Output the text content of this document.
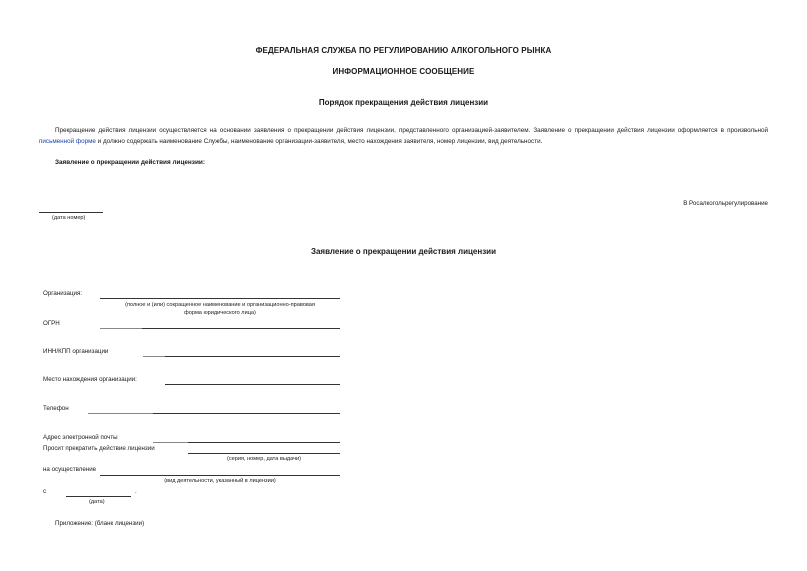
ФЕДЕРАЛЬНАЯ СЛУЖБА ПО РЕГУЛИРОВАНИЮ АЛКОГОЛЬНОГО РЫНКА
ИНФОРМАЦИОННОЕ СООБЩЕНИЕ
Порядок прекращения действия лицензии
Прекращение действия лицензии осуществляется на основании заявления о прекращении действия лицензии, представленного организацией-заявителем. Заявление о прекращении действия лицензии оформляется в произвольной письменной форме и должно содержать наименование Службы, наименование организации-заявителя, место нахождения заявителя, номер лицензии, вид деятельности.
Заявление о прекращении действия лицензии:
В Росалкогольрегулирование
(дата номер)
Заявление о прекращении действия лицензии
Организация:
(полное и (или) сокращенное наименование и организационно-правовая
форма юридического лица)
ОГРН
ИНН/КПП организации
Место нахождения организации:
Телефон
Адрес электронной почты
Просит прекратить действие лицензии
(серия, номер, дата выдачи)
на осуществление
(вид деятельности, указанный в лицензии)
с	.
(дата)
Приложение: (бланк лицензии)
